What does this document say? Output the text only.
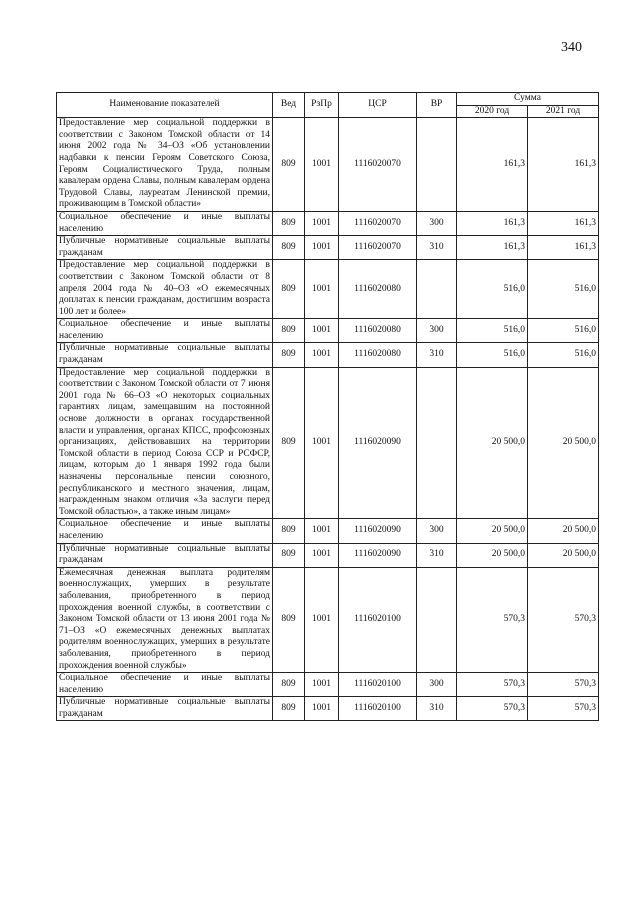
340
Наименование показателей	Вед	РзПр	ЦСР	ВР	Сумма	
					2020 год	2021 год
Предоставление мер социальной поддержки в соответствии с Законом Томской области от 14 июня 2002 года № 34–ОЗ «Об установлении надбавки к пенсии Героям Советского Союза, Героям Социалистического Труда, полным кавалерам ордена Славы, полным кавалерам ордена Трудовой Славы, лауреатам Ленинской премии, проживающим в Томской области»	809	1001	1116020070		161,3	161,3
Социальное обеспечение и иные выплаты населению	809	1001	1116020070	300	161,3	161,3
Публичные нормативные социальные выплаты гражданам	809	1001	1116020070	310	161,3	161,3
Предоставление мер социальной поддержки в соответствии с Законом Томской области от 8 апреля 2004 года № 40–ОЗ «О ежемесячных доплатах к пенсии гражданам, достигшим возраста 100 лет и более»	809	1001	1116020080		516,0	516,0
Социальное обеспечение и иные выплаты населению	809	1001	1116020080	300	516,0	516,0
Публичные нормативные социальные выплаты гражданам	809	1001	1116020080	310	516,0	516,0
Предоставление мер социальной поддержки в соответствии с Законом Томской области от 7 июня 2001 года № 66–ОЗ «О некоторых социальных гарантиях лицам, замещавшим на постоянной основе должности в органах государственной власти и управления, органах КПСС, профсоюзных организациях, действовавших на территории Томской области в период Союза ССР и РСФСР, лицам, которым до 1 января 1992 года были назначены персональные пенсии союзного, республиканского и местного значения, лицам, награжденным знаком отличия «За заслуги перед Томской областью», а также иным лицам»	809	1001	1116020090		20 500,0	20 500,0
Социальное обеспечение и иные выплаты населению	809	1001	1116020090	300	20 500,0	20 500,0
Публичные нормативные социальные выплаты гражданам	809	1001	1116020090	310	20 500,0	20 500,0
Ежемесячная денежная выплата родителям военнослужащих, умерших в результате заболевания, приобретенного в период прохождения военной службы, в соответствии с Законом Томской области от 13 июня 2001 года № 71–ОЗ «О ежемесячных денежных выплатах родителям военнослужащих, умерших в результате заболевания, приобретенного в период прохождения военной службы»	809	1001	1116020100		570,3	570,3
Социальное обеспечение и иные выплаты населению	809	1001	1116020100	300	570,3	570,3
Публичные нормативные социальные выплаты гражданам	809	1001	1116020100	310	570,3	570,3
